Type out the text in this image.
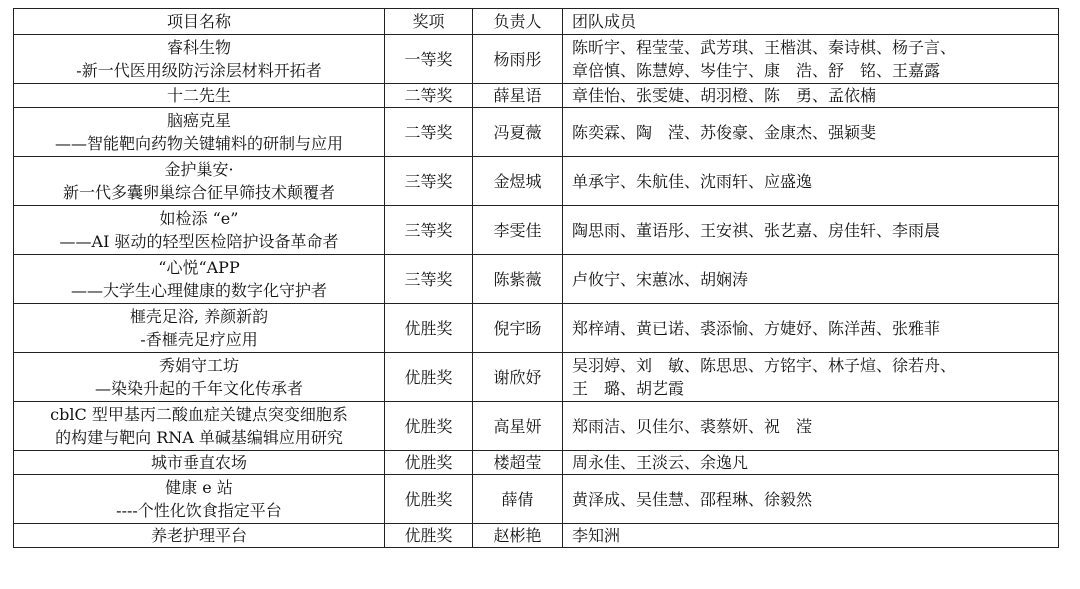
项目名称	奖项	负责人	团队成员

睿科生物
-新一代医用级防污涂层材料开拓者	一等奖	杨雨彤	陈昕宇、程莹莹、武芳琪、王楷淇、秦诗棋、杨子言、
章倍慎、陈慧婷、岑佳宁、康　浩、舒　铭、王嘉露

十二先生	二等奖	薛星语	章佳怡、张雯婕、胡羽橙、陈　勇、孟依楠

脑癌克星
——智能靶向药物关键辅料的研制与应用	二等奖	冯夏薇	陈奕霖、陶　滢、苏俊豪、金康杰、强颖斐

金护巢安·
新一代多囊卵巢综合征早筛技术颠覆者	三等奖	金煜城	单承宇、朱航佳、沈雨轩、应盛逸

如检添 “e”
——AI 驱动的轻型医检陪护设备革命者	三等奖	李雯佳	陶思雨、董语彤、王安祺、张艺嘉、房佳轩、李雨晨

“心悦“APP
——大学生心理健康的数字化守护者	三等奖	陈紫薇	卢攸宁、宋蕙冰、胡娴涛

榧壳足浴, 养颜新韵
-香榧壳足疗应用	优胜奖	倪宇旸	郑梓靖、黄已诺、裘添愉、方婕妤、陈洋茜、张雅菲

秀娟守工坊
—染染升起的千年文化传承者	优胜奖	谢欣妤	吴羽婷、刘　敏、陈思思、方铭宇、林子煊、徐若舟、
王　璐、胡艺霞

cblC 型甲基丙二酸血症关键点突变细胞系
的构建与靶向 RNA 单碱基编辑应用研究	优胜奖	高星妍	郑雨洁、贝佳尔、裘蔡妍、祝　滢

城市垂直农场	优胜奖	楼超莹	周永佳、王淡云、余逸凡

健康 e 站
----个性化饮食指定平台	优胜奖	薛倩	黄泽成、吴佳慧、邵程琳、徐毅然

养老护理平台	优胜奖	赵彬艳	李知洲
